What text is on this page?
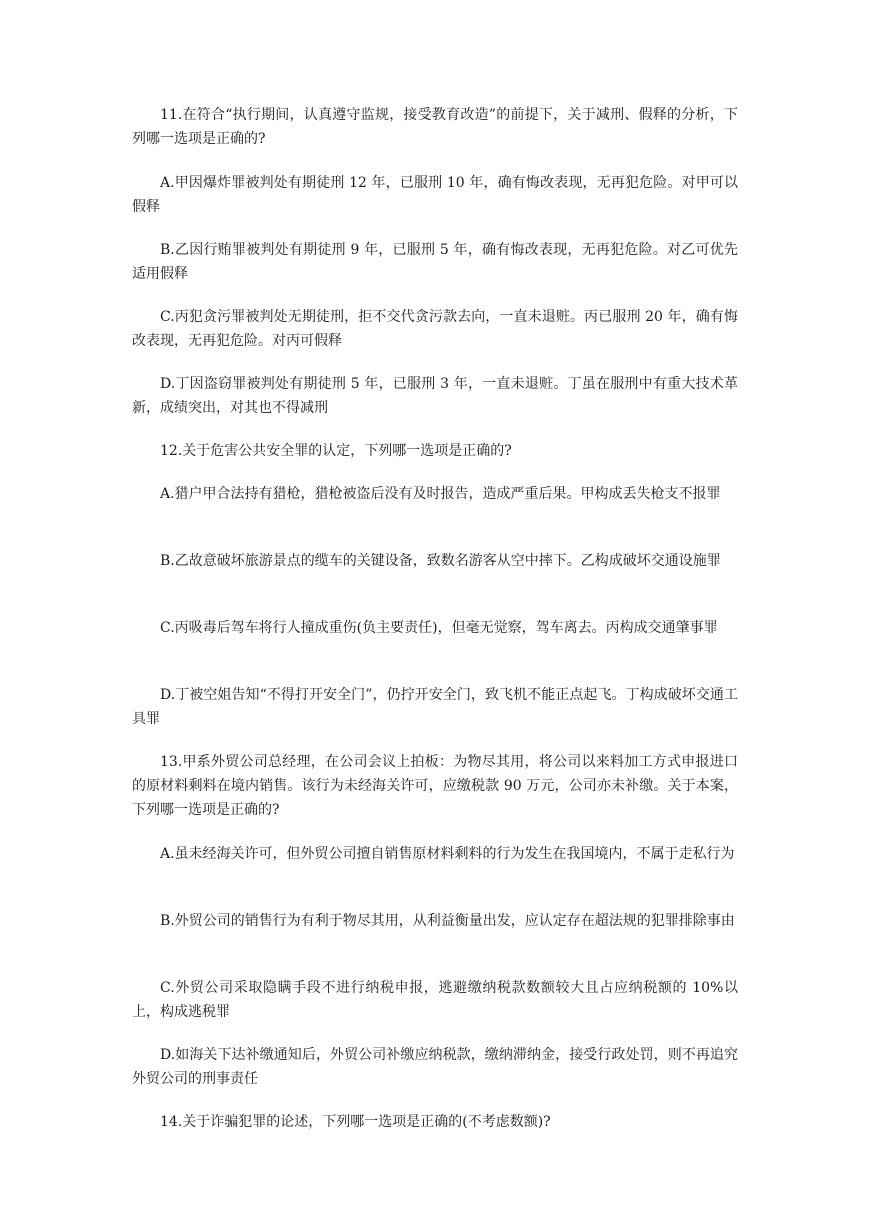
11.在符合“执行期间，认真遵守监规，接受教育改造”的前提下，关于减刑、假释的分析，下列哪一选项是正确的?

A.甲因爆炸罪被判处有期徒刑 12 年，已服刑 10 年，确有悔改表现，无再犯危险。对甲可以假释

B.乙因行贿罪被判处有期徒刑 9 年，已服刑 5 年，确有悔改表现，无再犯危险。对乙可优先适用假释

C.丙犯贪污罪被判处无期徒刑，拒不交代贪污款去向，一直未退赃。丙已服刑 20 年，确有悔改表现，无再犯危险。对丙可假释

D.丁因盗窃罪被判处有期徒刑 5 年，已服刑 3 年，一直未退赃。丁虽在服刑中有重大技术革新，成绩突出，对其也不得减刑

12.关于危害公共安全罪的认定，下列哪一选项是正确的?

A.猎户甲合法持有猎枪，猎枪被盗后没有及时报告，造成严重后果。甲构成丢失枪支不报罪

B.乙故意破坏旅游景点的缆车的关键设备，致数名游客从空中摔下。乙构成破坏交通设施罪

C.丙吸毒后驾车将行人撞成重伤(负主要责任)，但毫无觉察，驾车离去。丙构成交通肇事罪

D.丁被空姐告知“不得打开安全门”，仍拧开安全门，致飞机不能正点起飞。丁构成破坏交通工具罪

13.甲系外贸公司总经理，在公司会议上拍板：为物尽其用，将公司以来料加工方式申报进口的原材料剩料在境内销售。该行为未经海关许可，应缴税款 90 万元，公司亦未补缴。关于本案，下列哪一选项是正确的?

A.虽未经海关许可，但外贸公司擅自销售原材料剩料的行为发生在我国境内，不属于走私行为

B.外贸公司的销售行为有利于物尽其用，从利益衡量出发，应认定存在超法规的犯罪排除事由

C.外贸公司采取隐瞒手段不进行纳税申报，逃避缴纳税款数额较大且占应纳税额的 10%以上，构成逃税罪

D.如海关下达补缴通知后，外贸公司补缴应纳税款，缴纳滞纳金，接受行政处罚，则不再追究外贸公司的刑事责任

14.关于诈骗犯罪的论述，下列哪一选项是正确的(不考虑数额)?
